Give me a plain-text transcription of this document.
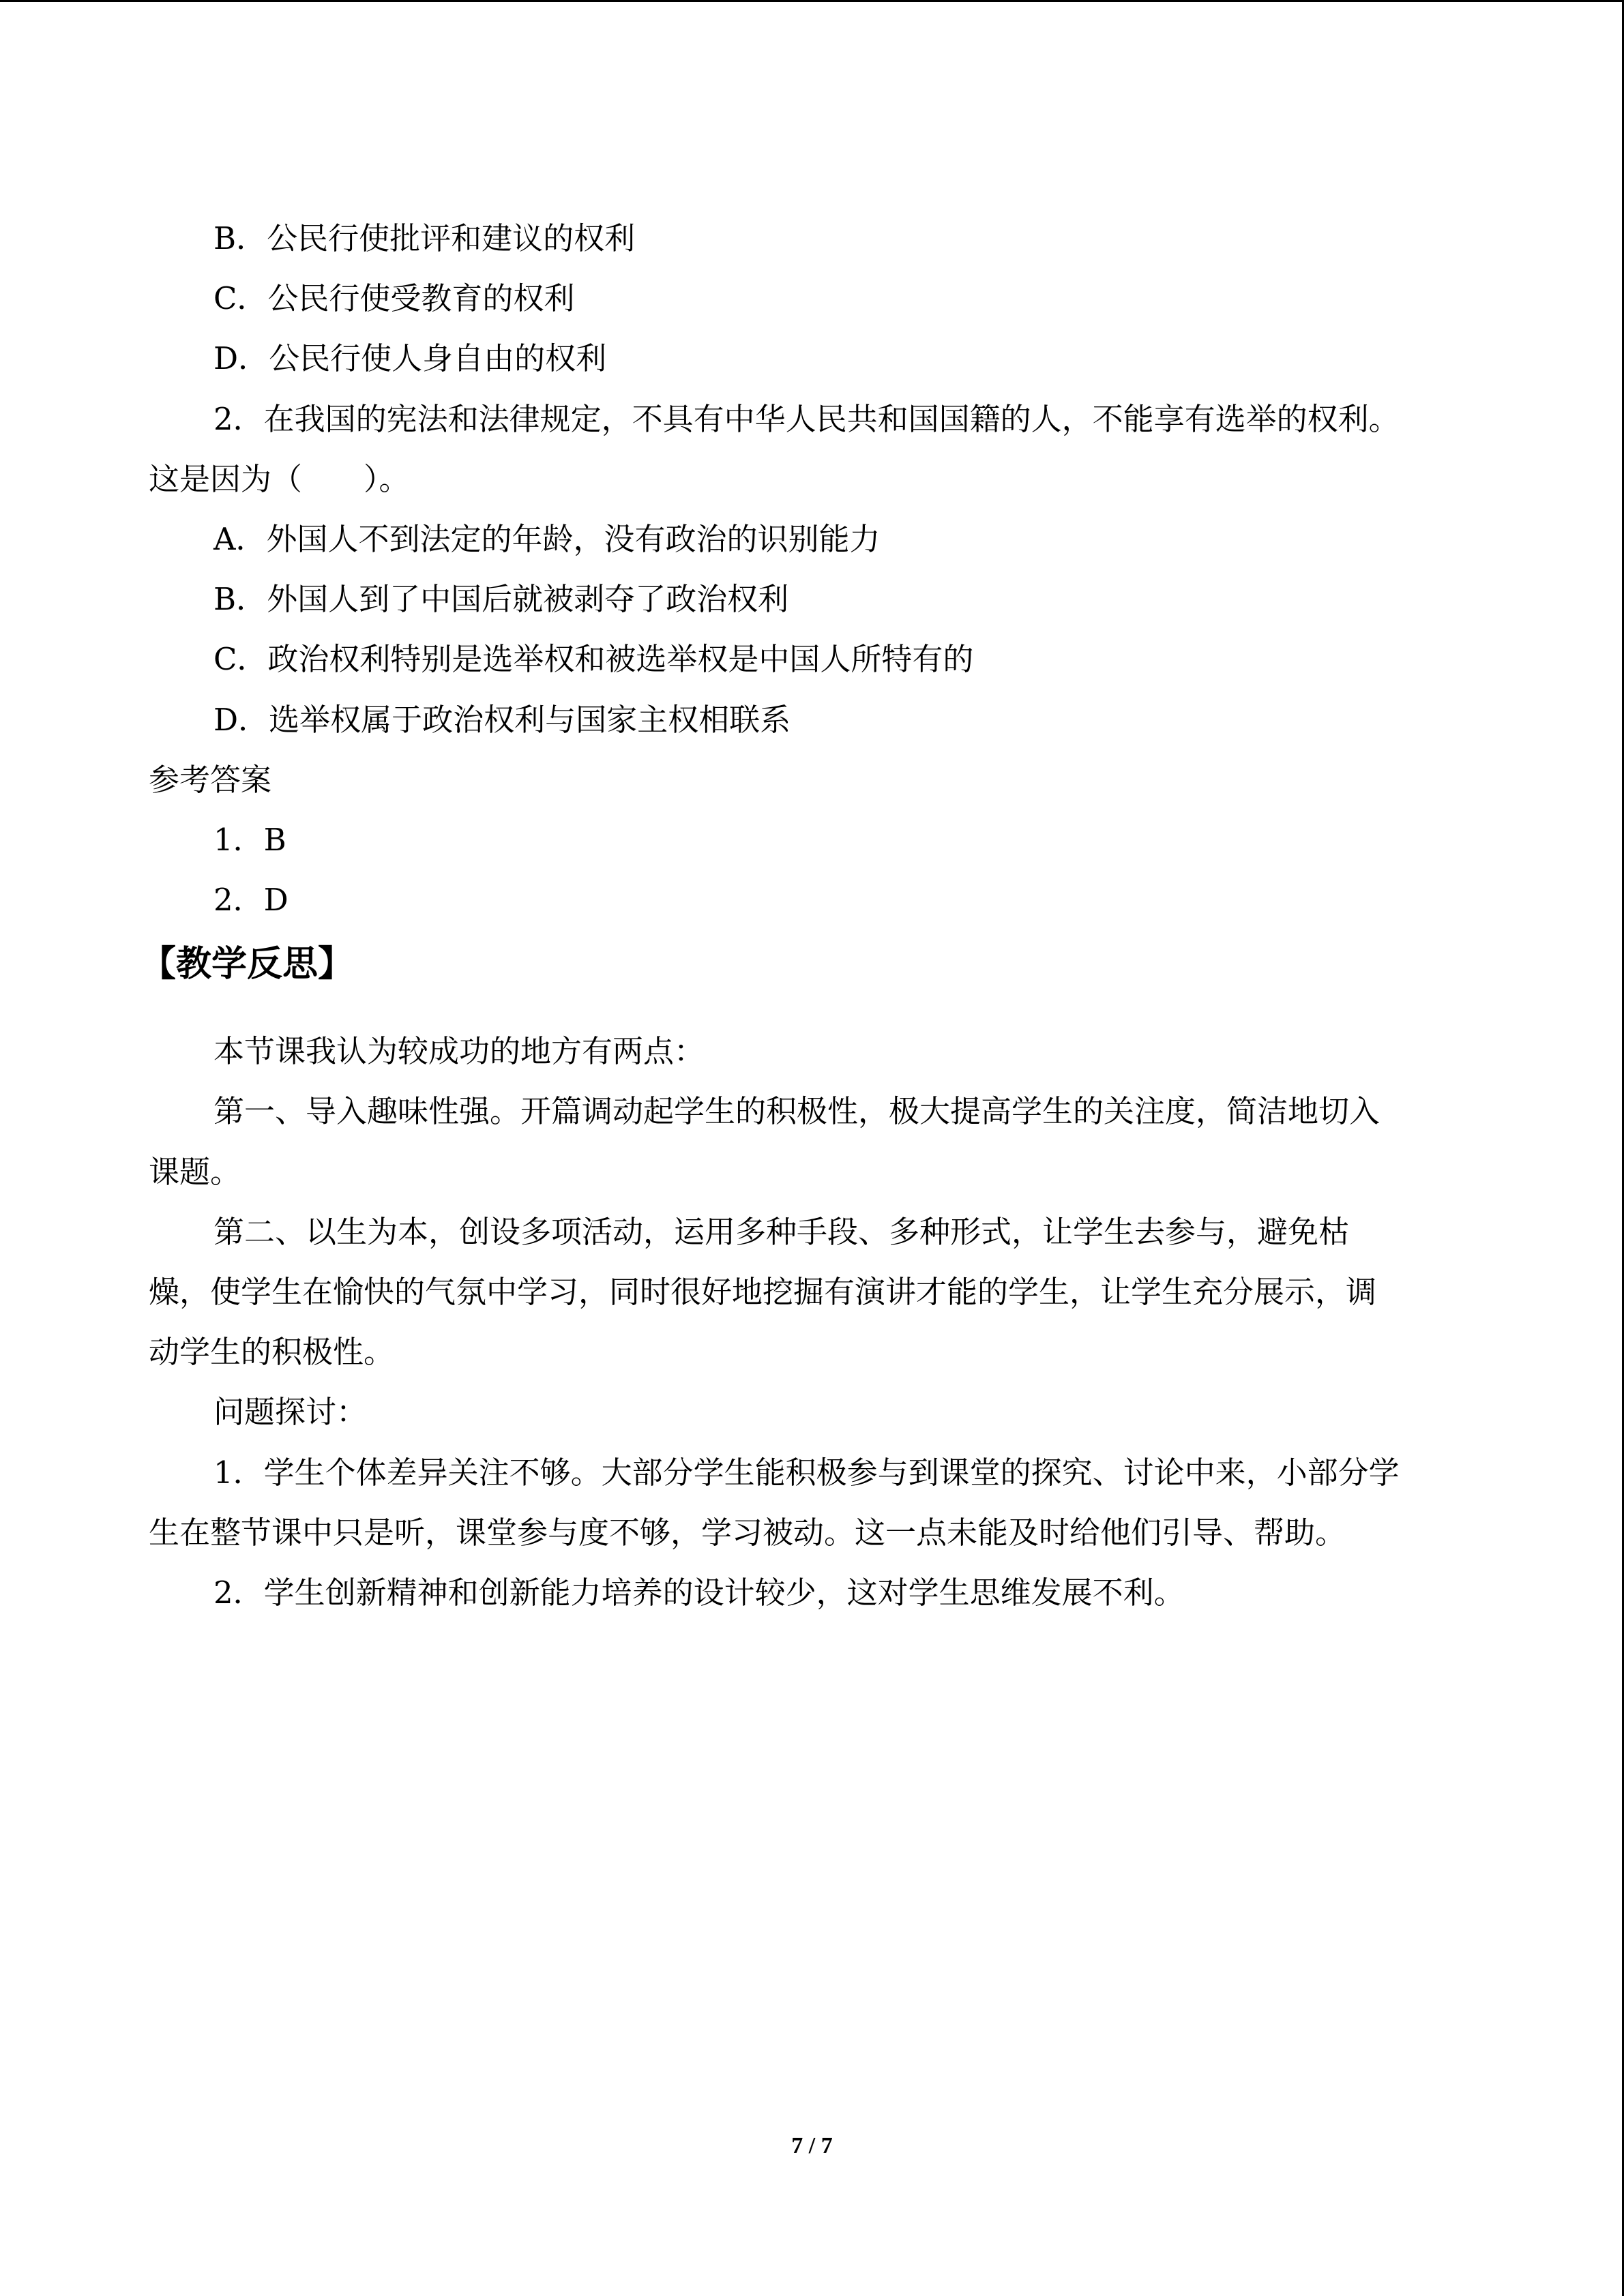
B．公民行使批评和建议的权利
C．公民行使受教育的权利
D．公民行使人身自由的权利
2．在我国的宪法和法律规定，不具有中华人民共和国国籍的人，不能享有选举的权利。
这是因为（　　）。
A．外国人不到法定的年龄，没有政治的识别能力
B．外国人到了中国后就被剥夺了政治权利
C．政治权利特别是选举权和被选举权是中国人所特有的
D．选举权属于政治权利与国家主权相联系
参考答案
1．B
2．D
【教学反思】
本节课我认为较成功的地方有两点：
第一、导入趣味性强。开篇调动起学生的积极性，极大提高学生的关注度，简洁地切入
课题。
第二、以生为本，创设多项活动，运用多种手段、多种形式，让学生去参与，避免枯
燥，使学生在愉快的气氛中学习，同时很好地挖掘有演讲才能的学生，让学生充分展示，调
动学生的积极性。
问题探讨：
1．学生个体差异关注不够。大部分学生能积极参与到课堂的探究、讨论中来，小部分学
生在整节课中只是听，课堂参与度不够，学习被动。这一点未能及时给他们引导、帮助。
2．学生创新精神和创新能力培养的设计较少，这对学生思维发展不利。
7 / 7
